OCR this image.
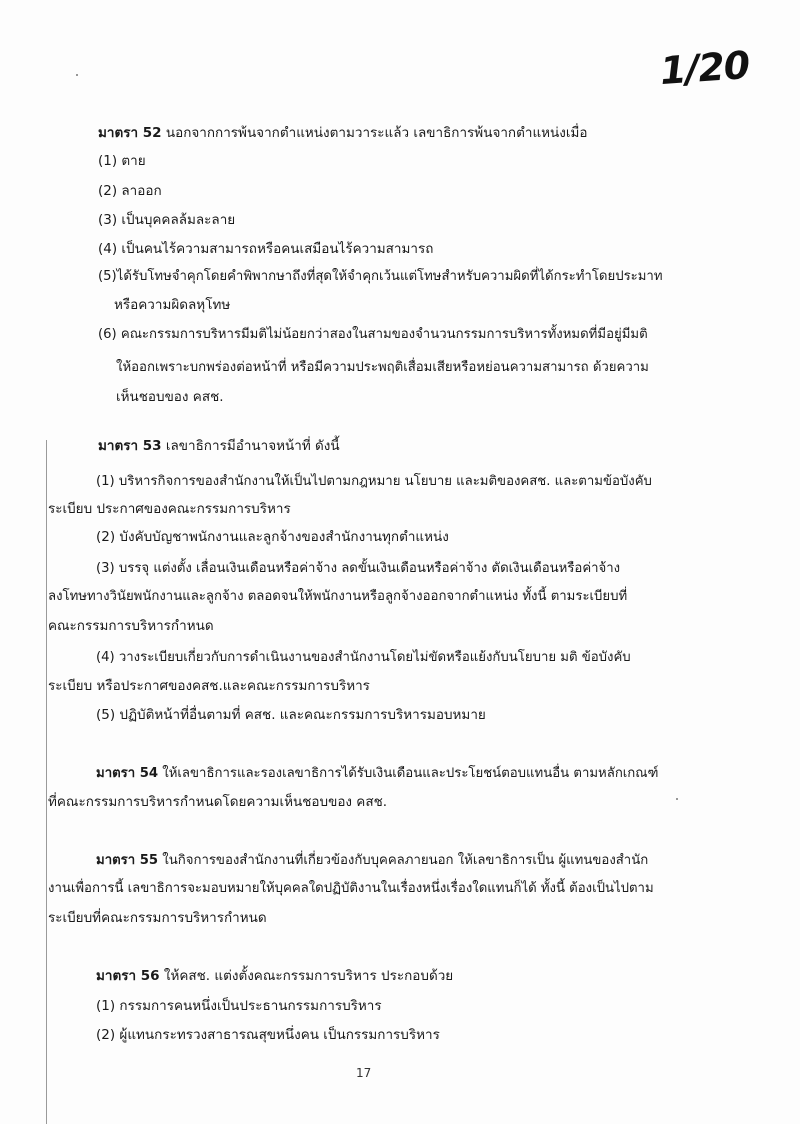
1/20
มาตรา 52 นอกจากการพ้นจากตำแหน่งตามวาระแล้ว เลขาธิการพ้นจากตำแหน่งเมื่อ
(1) ตาย
(2) ลาออก
(3) เป็นบุคคลล้มละลาย
(4) เป็นคนไร้ความสามารถหรือคนเสมือนไร้ความสามารถ
(5)ได้รับโทษจำคุกโดยคำพิพากษาถึงที่สุดให้จำคุกเว้นแต่โทษสำหรับความผิดที่ได้กระทำโดยประมาท
หรือความผิดลหุโทษ
(6) คณะกรรมการบริหารมีมติไม่น้อยกว่าสองในสามของจำนวนกรรมการบริหารทั้งหมดที่มีอยู่มีมติ
ให้ออกเพราะบกพร่องต่อหน้าที่ หรือมีความประพฤติเสื่อมเสียหรือหย่อนความสามารถ ด้วยความ
เห็นชอบของ คสช.
มาตรา 53 เลขาธิการมีอำนาจหน้าที่ ดังนี้
(1) บริหารกิจการของสำนักงานให้เป็นไปตามกฎหมาย นโยบาย และมติของคสช. และตามข้อบังคับ
ระเบียบ ประกาศของคณะกรรมการบริหาร
(2) บังคับบัญชาพนักงานและลูกจ้างของสำนักงานทุกตำแหน่ง
(3) บรรจุ แต่งตั้ง เลื่อนเงินเดือนหรือค่าจ้าง ลดขั้นเงินเดือนหรือค่าจ้าง ตัดเงินเดือนหรือค่าจ้าง
ลงโทษทางวินัยพนักงานและลูกจ้าง ตลอดจนให้พนักงานหรือลูกจ้างออกจากตำแหน่ง ทั้งนี้ ตามระเบียบที่
คณะกรรมการบริหารกำหนด
(4) วางระเบียบเกี่ยวกับการดำเนินงานของสำนักงานโดยไม่ขัดหรือแย้งกับนโยบาย มติ ข้อบังคับ
ระเบียบ หรือประกาศของคสช.และคณะกรรมการบริหาร
(5) ปฏิบัติหน้าที่อื่นตามที่ คสช. และคณะกรรมการบริหารมอบหมาย
มาตรา 54 ให้เลขาธิการและรองเลขาธิการได้รับเงินเดือนและประโยชน์ตอบแทนอื่น ตามหลักเกณฑ์
ที่คณะกรรมการบริหารกำหนดโดยความเห็นชอบของ คสช.
มาตรา 55 ในกิจการของสำนักงานที่เกี่ยวข้องกับบุคคลภายนอก ให้เลขาธิการเป็น ผู้แทนของสำนัก
งานเพื่อการนี้ เลขาธิการจะมอบหมายให้บุคคลใดปฏิบัติงานในเรื่องหนึ่งเรื่องใดแทนก็ได้ ทั้งนี้ ต้องเป็นไปตาม
ระเบียบที่คณะกรรมการบริหารกำหนด
มาตรา 56 ให้คสช. แต่งตั้งคณะกรรมการบริหาร ประกอบด้วย
(1) กรรมการคนหนึ่งเป็นประธานกรรมการบริหาร
(2) ผู้แทนกระทรวงสาธารณสุขหนึ่งคน เป็นกรรมการบริหาร
17
